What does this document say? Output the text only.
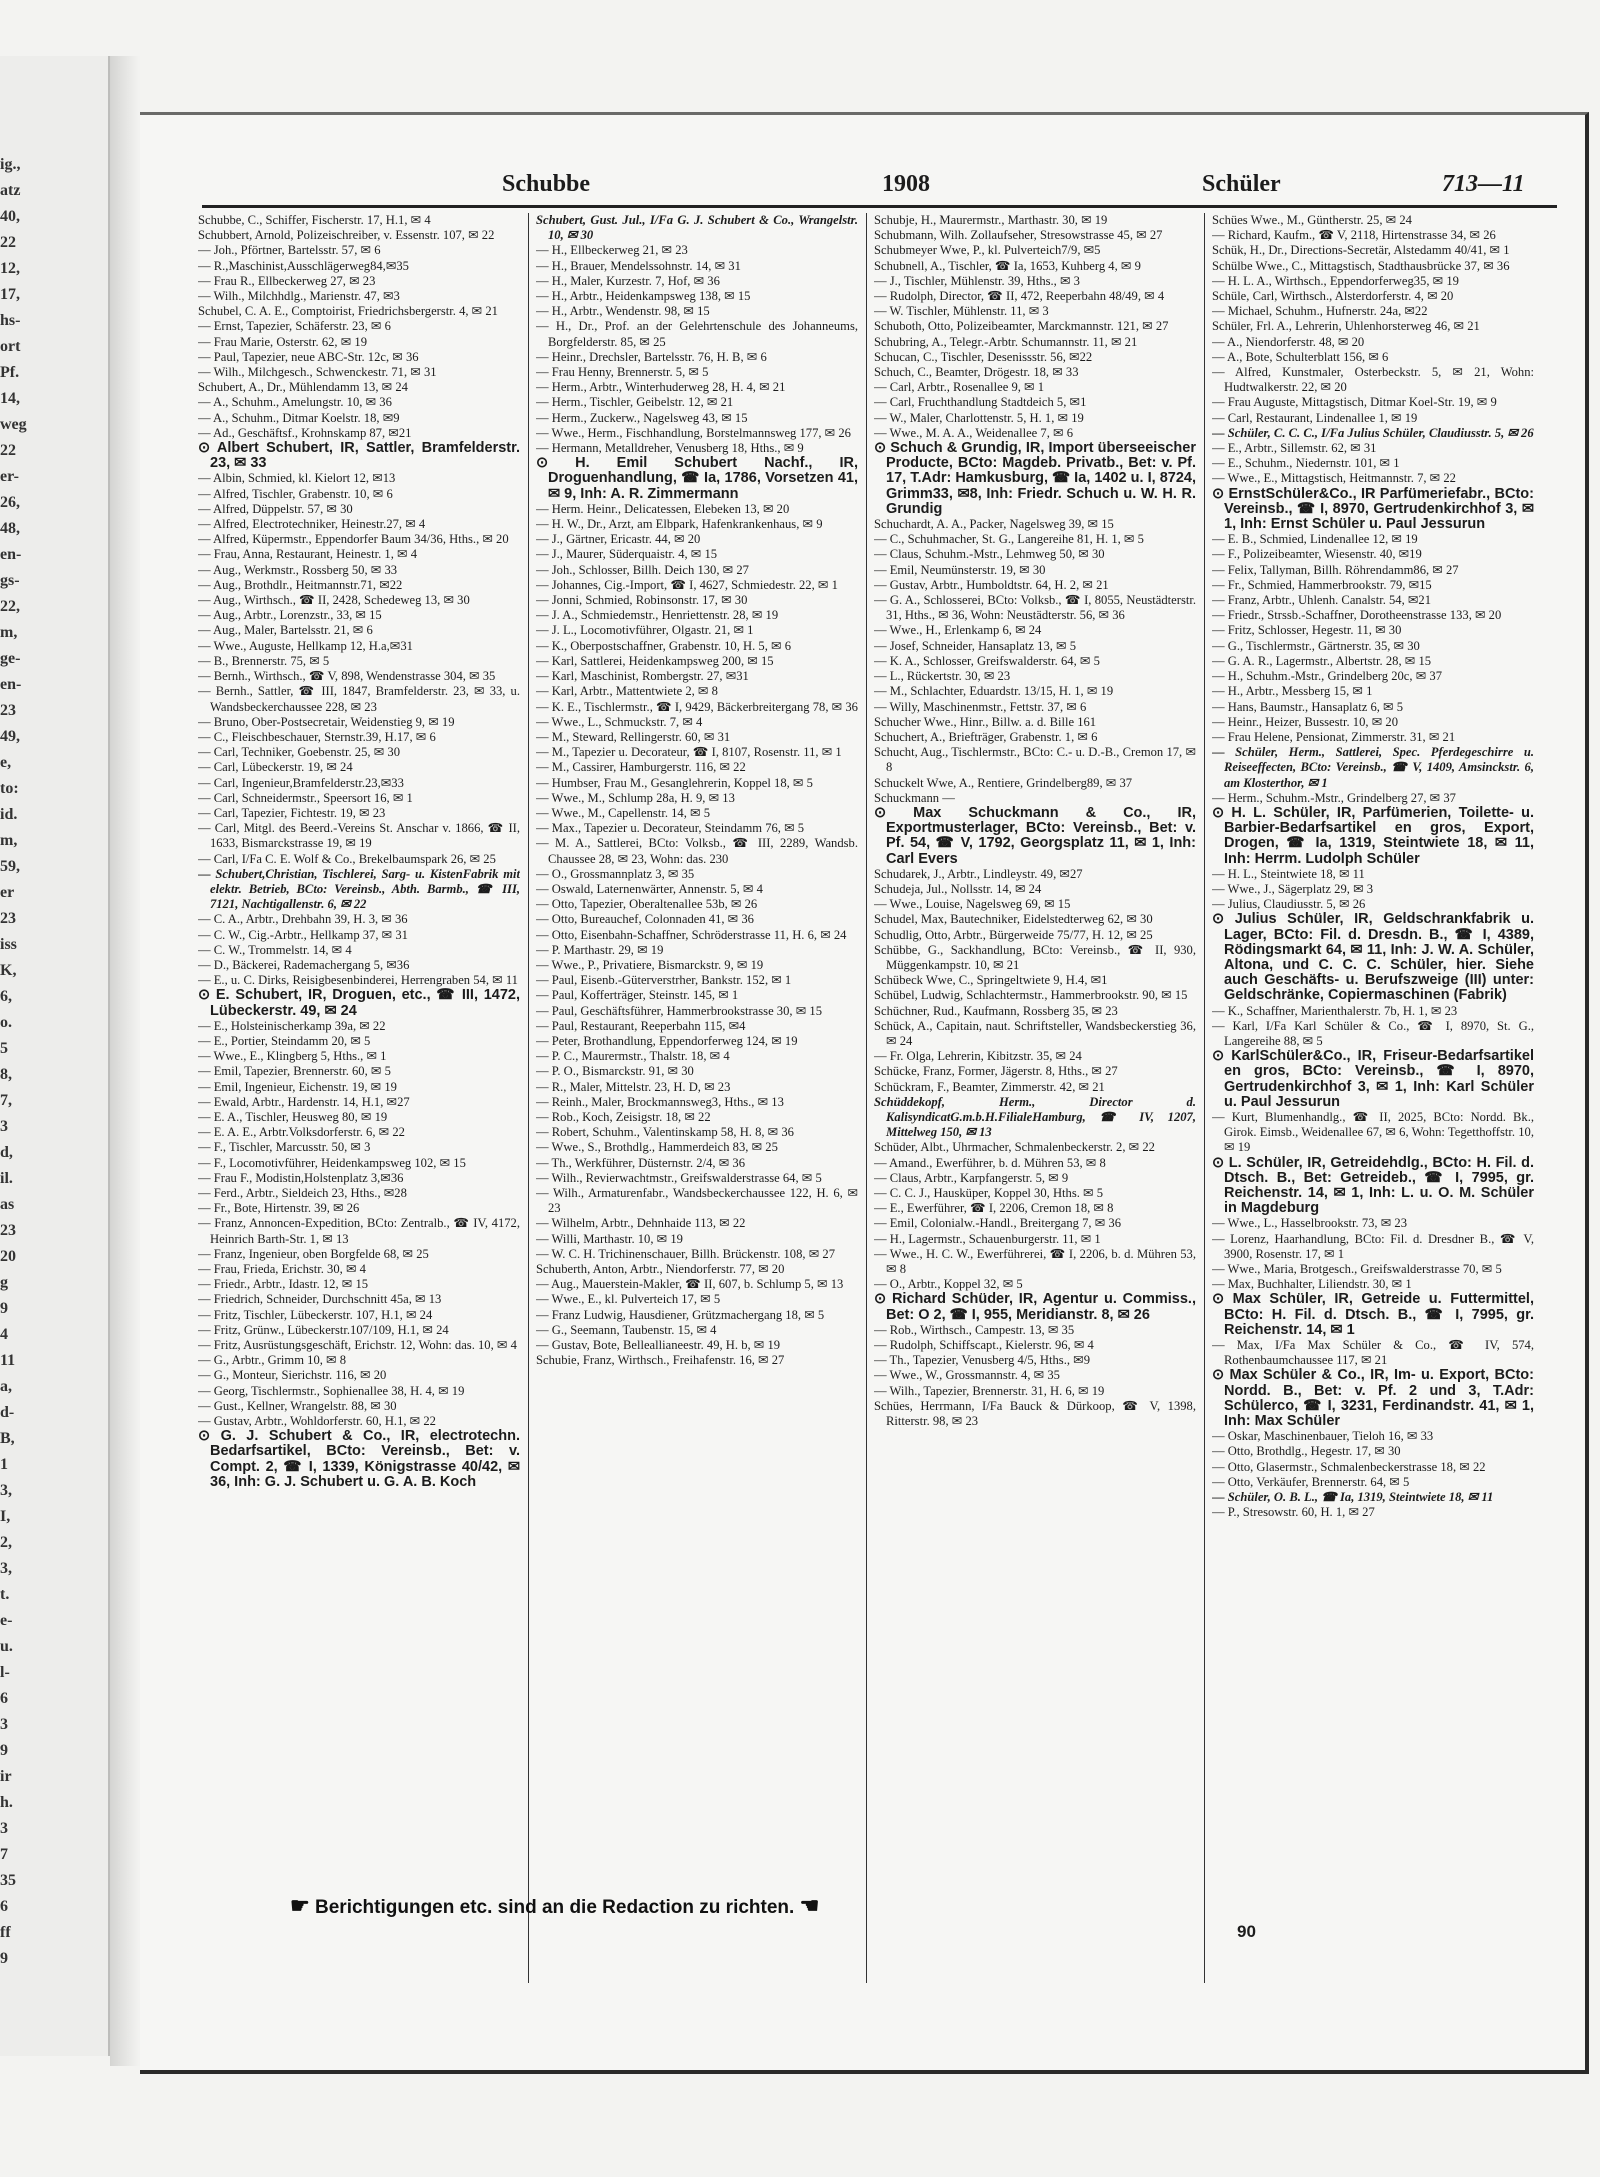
ig.,
atz
40,
22
12,
17,
hs-
ort
Pf.
14,
weg
22
er-
26,
48,
en-
gs-
22,
m,
ge-
en-
23
49,
e,
to:
id.
m,
59,
er
23
iss
K,
6,
o.
5
8,
7,
3
d,
il.
as
23
20
g
9
4
11
a,
d-
B,
1
3,
I,
2,
3,
t.
e-
u.
l-
6
3
9
ir
h.
3
7
35
6
ff
9
Schubbe	1908	Schüler	713—11

Schubbe, C., Schiffer, Fischerstr. 17, H.1, ✉ 4

Schubbert, Arnold, Polizeischreiber, v. Essenstr. 107, ✉ 22

— Joh., Pförtner, Bartelsstr. 57, ✉ 6

— R.,Maschinist,Ausschlägerweg84,✉35

— Frau R., Ellbeckerweg 27, ✉ 23

— Wilh., Milchhdlg., Marienstr. 47, ✉3

Schubel, C. A. E., Comptoirist, Friedrichsbergerstr. 4, ✉ 21

— Ernst, Tapezier, Schäferstr. 23, ✉ 6

— Frau Marie, Osterstr. 62, ✉ 19

— Paul, Tapezier, neue ABC-Str. 12c, ✉ 36

— Wilh., Milchgesch., Schwenckestr. 71, ✉ 31

Schubert, A., Dr., Mühlendamm 13, ✉ 24

— A., Schuhm., Amelungstr. 10, ✉ 36

— A., Schuhm., Ditmar Koelstr. 18, ✉9

— Ad., Geschäftsf., Krohnskamp 87, ✉21

⊙ Albert Schubert, IR, Sattler, Bramfelderstr. 23, ✉ 33

— Albin, Schmied, kl. Kielort 12, ✉13

— Alfred, Tischler, Grabenstr. 10, ✉ 6

— Alfred, Düppelstr. 57, ✉ 30

— Alfred, Electrotechniker, Heinestr.27, ✉ 4

— Alfred, Küpermstr., Eppendorfer Baum 34/36, Hths., ✉ 20

— Frau, Anna, Restaurant, Heinestr. 1, ✉ 4

— Aug., Werkmstr., Rossberg 50, ✉ 33

— Aug., Brothdlr., Heitmannstr.71, ✉22

— Aug., Wirthsch., ☎ II, 2428, Schedeweg 13, ✉ 30

— Aug., Arbtr., Lorenzstr., 33, ✉ 15

— Aug., Maler, Bartelsstr. 21, ✉ 6

— Wwe., Auguste, Hellkamp 12, H.a,✉31

— B., Brennerstr. 75, ✉ 5

— Bernh., Wirthsch., ☎ V, 898, Wendenstrasse 304, ✉ 35

— Bernh., Sattler, ☎ III, 1847, Bramfelderstr. 23, ✉ 33, u. Wandsbeckerchaussee 228, ✉ 23

— Bruno, Ober-Postsecretair, Weidenstieg 9, ✉ 19

— C., Fleischbeschauer, Sternstr.39, H.17, ✉ 6

— Carl, Techniker, Goebenstr. 25, ✉ 30

— Carl, Lübeckerstr. 19, ✉ 24

— Carl, Ingenieur,Bramfelderstr.23,✉33

— Carl, Schneidermstr., Speersort 16, ✉ 1

— Carl, Tapezier, Fichtestr. 19, ✉ 23

— Carl, Mitgl. des Beerd.-Vereins St. Anschar v. 1866, ☎ II, 1633, Bismarckstrasse 19, ✉ 19

— Carl, I/Fa C. E. Wolf & Co., Brekelbaumspark 26, ✉ 25

— Schubert,Christian, Tischlerei, Sarg- u. KistenFabrik mit elektr. Betrieb, BCto: Vereinsb., Abth. Barmb., ☎ III, 7121, Nachtigallenstr. 6, ✉ 22

— C. A., Arbtr., Drehbahn 39, H. 3, ✉ 36

— C. W., Cig.-Arbtr., Hellkamp 37, ✉ 31

— C. W., Trommelstr. 14, ✉ 4

— D., Bäckerei, Rademachergang 5, ✉36

— E., u. C. Dirks, Reisigbesenbinderei, Herrengraben 54, ✉ 11

⊙ E. Schubert, IR, Droguen, etc., ☎ III, 1472, Lübeckerstr. 49, ✉ 24

— E., Holsteinischerkamp 39a, ✉ 22

— E., Portier, Steindamm 20, ✉ 5

— Wwe., E., Klingberg 5, Hths., ✉ 1

— Emil, Tapezier, Brennerstr. 60, ✉ 5

— Emil, Ingenieur, Eichenstr. 19, ✉ 19

— Ewald, Arbtr., Hardenstr. 14, H.1, ✉27

— E. A., Tischler, Heusweg 80, ✉ 19

— E. A. E., Arbtr.Volksdorferstr. 6, ✉ 22

— F., Tischler, Marcusstr. 50, ✉ 3

— F., Locomotivführer, Heidenkampsweg 102, ✉ 15

— Frau F., Modistin,Holstenplatz 3,✉36

— Ferd., Arbtr., Sieldeich 23, Hths., ✉28

— Fr., Bote, Hirtenstr. 39, ✉ 26

— Franz, Annoncen-Expedition, BCto: Zentralb., ☎ IV, 4172, Heinrich Barth-Str. 1, ✉ 13

— Franz, Ingenieur, oben Borgfelde 68, ✉ 25

— Frau, Frieda, Erichstr. 30, ✉ 4

— Friedr., Arbtr., Idastr. 12, ✉ 15

— Friedrich, Schneider, Durchschnitt 45a, ✉ 13

— Fritz, Tischler, Lübeckerstr. 107, H.1, ✉ 24

— Fritz, Grünw., Lübeckerstr.107/109, H.1, ✉ 24

— Fritz, Ausrüstungsgeschäft, Erichstr. 12, Wohn: das. 10, ✉ 4

— G., Arbtr., Grimm 10, ✉ 8

— G., Monteur, Sierichstr. 116, ✉ 20

— Georg, Tischlermstr., Sophienallee 38, H. 4, ✉ 19

— Gust., Kellner, Wrangelstr. 88, ✉ 30

— Gustav, Arbtr., Wohldorferstr. 60, H.1, ✉ 22

⊙ G. J. Schubert & Co., IR, electrotechn. Bedarfsartikel, BCto: Vereinsb., Bet: v. Compt. 2, ☎ I, 1339, Königstrasse 40/42, ✉ 36, Inh: G. J. Schubert u. G. A. B. Koch

Schubert, Gust. Jul., I/Fa G. J. Schubert & Co., Wrangelstr. 10, ✉ 30

— H., Ellbeckerweg 21, ✉ 23

— H., Brauer, Mendelssohnstr. 14, ✉ 31

— H., Maler, Kurzestr. 7, Hof, ✉ 36

— H., Arbtr., Heidenkampsweg 138, ✉ 15

— H., Arbtr., Wendenstr. 98, ✉ 15

— H., Dr., Prof. an der Gelehrtenschule des Johanneums, Borgfelderstr. 85, ✉ 25

— Heinr., Drechsler, Bartelsstr. 76, H. B, ✉ 6

— Frau Henny, Brennerstr. 5, ✉ 5

— Herm., Arbtr., Winterhuderweg 28, H. 4, ✉ 21

— Herm., Tischler, Geibelstr. 12, ✉ 21

— Herm., Zuckerw., Nagelsweg 43, ✉ 15

— Wwe., Herm., Fischhandlung, Borstelmannsweg 177, ✉ 26

— Hermann, Metalldreher, Venusberg 18, Hths., ✉ 9

⊙ H. Emil Schubert Nachf., IR, Droguenhandlung, ☎ Ia, 1786, Vorsetzen 41, ✉ 9, Inh: A. R. Zimmermann

— Herm. Heinr., Delicatessen, Elebeken 13, ✉ 20

— H. W., Dr., Arzt, am Elbpark, Hafenkrankenhaus, ✉ 9

— J., Gärtner, Ericastr. 44, ✉ 20

— J., Maurer, Süderquaistr. 4, ✉ 15

— Joh., Schlosser, Billh. Deich 130, ✉ 27

— Johannes, Cig.-Import, ☎ I, 4627, Schmiedestr. 22, ✉ 1

— Jonni, Schmied, Robinsonstr. 17, ✉ 30

— J. A., Schmiedemstr., Henriettenstr. 28, ✉ 19

— J. L., Locomotivführer, Olgastr. 21, ✉ 1

— K., Oberpostschaffner, Grabenstr. 10, H. 5, ✉ 6

— Karl, Sattlerei, Heidenkampsweg 200, ✉ 15

— Karl, Maschinist, Rombergstr. 27, ✉31

— Karl, Arbtr., Mattentwiete 2, ✉ 8

— K. E., Tischlermstr., ☎ I, 9429, Bäckerbreitergang 78, ✉ 36

— Wwe., L., Schmuckstr. 7, ✉ 4

— M., Steward, Rellingerstr. 60, ✉ 31

— M., Tapezier u. Decorateur, ☎ I, 8107, Rosenstr. 11, ✉ 1

— M., Cassirer, Hamburgerstr. 116, ✉ 22

— Humbser, Frau M., Gesanglehrerin, Koppel 18, ✉ 5

— Wwe., M., Schlump 28a, H. 9, ✉ 13

— Wwe., M., Capellenstr. 14, ✉ 5

— Max., Tapezier u. Decorateur, Steindamm 76, ✉ 5

— M. A., Sattlerei, BCto: Volksb., ☎ III, 2289, Wandsb. Chaussee 28, ✉ 23, Wohn: das. 230

— O., Grossmannplatz 3, ✉ 35

— Oswald, Laternenwärter, Annenstr. 5, ✉ 4

— Otto, Tapezier, Oberaltenallee 53b, ✉ 26

— Otto, Bureauchef, Colonnaden 41, ✉ 36

— Otto, Eisenbahn-Schaffner, Schröderstrasse 11, H. 6, ✉ 24

— P. Marthastr. 29, ✉ 19

— Wwe., P., Privatiere, Bismarckstr. 9, ✉ 19

— Paul, Eisenb.-Güterverstrher, Bankstr. 152, ✉ 1

— Paul, Kofferträger, Steinstr. 145, ✉ 1

— Paul, Geschäftsführer, Hammerbrookstrasse 30, ✉ 15

— Paul, Restaurant, Reeperbahn 115, ✉4

— Peter, Brothandlung, Eppendorferweg 124, ✉ 19

— P. C., Maurermstr., Thalstr. 18, ✉ 4

— P. O., Bismarckstr. 91, ✉ 30

— R., Maler, Mittelstr. 23, H. D, ✉ 23

— Reinh., Maler, Brockmannsweg3, Hths., ✉ 13

— Rob., Koch, Zeisigstr. 18, ✉ 22

— Robert, Schuhm., Valentinskamp 58, H. 8, ✉ 36

— Wwe., S., Brothdlg., Hammerdeich 83, ✉ 25

— Th., Werkführer, Düsternstr. 2/4, ✉ 36

— Wilh., Revierwachtmstr., Greifswalderstrasse 64, ✉ 5

— Wilh., Armaturenfabr., Wandsbeckerchaussee 122, H. 6, ✉ 23

— Wilhelm, Arbtr., Dehnhaide 113, ✉ 22

— Willi, Marthastr. 10, ✉ 19

— W. C. H. Trichinenschauer, Billh. Brückenstr. 108, ✉ 27

Schuberth, Anton, Arbtr., Niendorferstr. 77, ✉ 20

— Aug., Mauerstein-Makler, ☎ II, 607, b. Schlump 5, ✉ 13

— Wwe., E., kl. Pulverteich 17, ✉ 5

— Franz Ludwig, Hausdiener, Grützmachergang 18, ✉ 5

— G., Seemann, Taubenstr. 15, ✉ 4

— Gustav, Bote, Belleallianeestr. 49, H. b, ✉ 19

Schubie, Franz, Wirthsch., Freihafenstr. 16, ✉ 27

Schubje, H., Maurermstr., Marthastr. 30, ✉ 19

Schubmann, Wilh. Zollaufseher, Stresowstrasse 45, ✉ 27

Schubmeyer Wwe, P., kl. Pulverteich7/9, ✉5

Schubnell, A., Tischler, ☎ Ia, 1653, Kuhberg 4, ✉ 9

— J., Tischler, Mühlenstr. 39, Hths., ✉ 3

— Rudolph, Director, ☎ II, 472, Reeperbahn 48/49, ✉ 4

— W. Tischler, Mühlenstr. 11, ✉ 3

Schuboth, Otto, Polizeibeamter, Marckmannstr. 121, ✉ 27

Schubring, A., Telegr.-Arbtr. Schumannstr. 11, ✉ 21

Schucan, C., Tischler, Desenissstr. 56, ✉22

Schuch, C., Beamter, Drögestr. 18, ✉ 33

— Carl, Arbtr., Rosenallee 9, ✉ 1

— Carl, Fruchthandlung Stadtdeich 5, ✉1

— W., Maler, Charlottenstr. 5, H. 1, ✉ 19

— Wwe., M. A. A., Weidenallee 7, ✉ 6

⊙ Schuch & Grundig, IR, Import überseeischer Producte, BCto: Magdeb. Privatb., Bet: v. Pf. 17, T.Adr: Hamkusburg, ☎ Ia, 1402 u. I, 8724, Grimm33, ✉8, Inh: Friedr. Schuch u. W. H. R. Grundig

Schuchardt, A. A., Packer, Nagelsweg 39, ✉ 15

— C., Schuhmacher, St. G., Langereihe 81, H. 1, ✉ 5

— Claus, Schuhm.-Mstr., Lehmweg 50, ✉ 30

— Emil, Neumünsterstr. 19, ✉ 30

— Gustav, Arbtr., Humboldtstr. 64, H. 2, ✉ 21

— G. A., Schlosserei, BCto: Volksb., ☎ I, 8055, Neustädterstr. 31, Hths., ✉ 36, Wohn: Neustädterstr. 56, ✉ 36

— Wwe., H., Erlenkamp 6, ✉ 24

— Josef, Schneider, Hansaplatz 13, ✉ 5

— K. A., Schlosser, Greifswalderstr. 64, ✉ 5

— L., Rückertstr. 30, ✉ 23

— M., Schlachter, Eduardstr. 13/15, H. 1, ✉ 19

— Willy, Maschinenmstr., Fettstr. 37, ✉ 6

Schucher Wwe., Hinr., Billw. a. d. Bille 161

Schuchert, A., Briefträger, Grabenstr. 1, ✉ 6

Schucht, Aug., Tischlermstr., BCto: C.- u. D.-B., Cremon 17, ✉ 8

Schuckelt Wwe, A., Rentiere, Grindelberg89, ✉ 37

Schuckmann —

⊙ Max Schuckmann & Co., IR, Exportmusterlager, BCto: Vereinsb., Bet: v. Pf. 54, ☎ V, 1792, Georgsplatz 11, ✉ 1, Inh: Carl Evers

Schudarek, J., Arbtr., Lindleystr. 49, ✉27

Schudeja, Jul., Nollsstr. 14, ✉ 24

— Wwe., Louise, Nagelsweg 69, ✉ 15

Schudel, Max, Bautechniker, Eidelstedterweg 62, ✉ 30

Schudlig, Otto, Arbtr., Bürgerweide 75/77, H. 12, ✉ 25

Schübbe, G., Sackhandlung, BCto: Vereinsb., ☎ II, 930, Müggenkampstr. 10, ✉ 21

Schübeck Wwe, C., Springeltwiete 9, H.4, ✉1

Schübel, Ludwig, Schlachtermstr., Hammerbrookstr. 90, ✉ 15

Schüchner, Rud., Kaufmann, Rossberg 35, ✉ 23

Schück, A., Capitain, naut. Schriftsteller, Wandsbeckerstieg 36, ✉ 24

— Fr. Olga, Lehrerin, Kibitzstr. 35, ✉ 24

Schücke, Franz, Former, Jägerstr. 8, Hths., ✉ 27

Schückram, F., Beamter, Zimmerstr. 42, ✉ 21

Schüddekopf, Herm., Director d. KalisyndicatG.m.b.H.FilialeHamburg, ☎ IV, 1207, Mittelweg 150, ✉ 13

Schüder, Albt., Uhrmacher, Schmalenbeckerstr. 2, ✉ 22

— Amand., Ewerführer, b. d. Mühren 53, ✉ 8

— Claus, Arbtr., Karpfangerstr. 5, ✉ 9

— C. C. J., Hausküper, Koppel 30, Hths. ✉ 5

— E., Ewerführer, ☎ I, 2206, Cremon 18, ✉ 8

— Emil, Colonialw.-Handl., Breitergang 7, ✉ 36

— H., Lagermstr., Schauenburgerstr. 11, ✉ 1

— Wwe., H. C. W., Ewerführerei, ☎ I, 2206, b. d. Mühren 53, ✉ 8

— O., Arbtr., Koppel 32, ✉ 5

⊙ Richard Schüder, IR, Agentur u. Commiss., Bet: O 2, ☎ I, 955, Meridianstr. 8, ✉ 26

— Rob., Wirthsch., Campestr. 13, ✉ 35

— Rudolph, Schiffscapt., Kielerstr. 96, ✉ 4

— Th., Tapezier, Venusberg 4/5, Hths., ✉9

— Wwe., W., Grossmannstr. 4, ✉ 35

— Wilh., Tapezier, Brennerstr. 31, H. 6, ✉ 19

Schües, Herrmann, I/Fa Bauck & Dürkoop, ☎ V, 1398, Ritterstr. 98, ✉ 23

Schües Wwe., M., Güntherstr. 25, ✉ 24

— Richard, Kaufm., ☎ V, 2118, Hirtenstrasse 34, ✉ 26

Schük, H., Dr., Directions-Secretär, Alstedamm 40/41, ✉ 1

Schülbe Wwe., C., Mittagstisch, Stadthausbrücke 37, ✉ 36

— H. L. A., Wirthsch., Eppendorferweg35, ✉ 19

Schüle, Carl, Wirthsch., Alsterdorferstr. 4, ✉ 20

— Michael, Schuhm., Hufnerstr. 24a, ✉22

Schüler, Frl. A., Lehrerin, Uhlenhorsterweg 46, ✉ 21

— A., Niendorferstr. 48, ✉ 20

— A., Bote, Schulterblatt 156, ✉ 6

— Alfred, Kunstmaler, Osterbeckstr. 5, ✉ 21, Wohn: Hudtwalkerstr. 22, ✉ 20

— Frau Auguste, Mittagstisch, Ditmar Koel-Str. 19, ✉ 9

— Carl, Restaurant, Lindenallee 1, ✉ 19

— Schüler, C. C. C., I/Fa Julius Schüler, Claudiusstr. 5, ✉ 26

— E., Arbtr., Sillemstr. 62, ✉ 31

— E., Schuhm., Niedernstr. 101, ✉ 1

— Wwe., E., Mittagstisch, Heitmannstr. 7, ✉ 22

⊙ ErnstSchüler&Co., IR Parfümeriefabr., BCto: Vereinsb., ☎ I, 8970, Gertrudenkirchhof 3, ✉ 1, Inh: Ernst Schüler u. Paul Jessurun

— E. B., Schmied, Lindenallee 12, ✉ 19

— F., Polizeibeamter, Wiesenstr. 40, ✉19

— Felix, Tallyman, Billh. Röhrendamm86, ✉ 27

— Fr., Schmied, Hammerbrookstr. 79, ✉15

— Franz, Arbtr., Uhlenh. Canalstr. 54, ✉21

— Friedr., Strssb.-Schaffner, Dorotheenstrasse 133, ✉ 20

— Fritz, Schlosser, Hegestr. 11, ✉ 30

— G., Tischlermstr., Gärtnerstr. 35, ✉ 30

— G. A. R., Lagermstr., Albertstr. 28, ✉ 15

— H., Schuhm.-Mstr., Grindelberg 20c, ✉ 37

— H., Arbtr., Messberg 15, ✉ 1

— Hans, Baumstr., Hansaplatz 6, ✉ 5

— Heinr., Heizer, Bussestr. 10, ✉ 20

— Frau Helene, Pensionat, Zimmerstr. 31, ✉ 21

— Schüler, Herm., Sattlerei, Spec. Pferdegeschirre u. Reiseeffecten, BCto: Vereinsb., ☎ V, 1409, Amsinckstr. 6, am Klosterthor, ✉ 1

— Herm., Schuhm.-Mstr., Grindelberg 27, ✉ 37

⊙ H. L. Schüler, IR, Parfümerien, Toilette- u. Barbier-Bedarfsartikel en gros, Export, Drogen, ☎ Ia, 1319, Steintwiete 18, ✉ 11, Inh: Herrm. Ludolph Schüler

— H. L., Steintwiete 18, ✉ 11

— Wwe., J., Sägerplatz 29, ✉ 3

— Julius, Claudiusstr. 5, ✉ 26

⊙ Julius Schüler, IR, Geldschrankfabrik u. Lager, BCto: Fil. d. Dresdn. B., ☎ I, 4389, Rödingsmarkt 64, ✉ 11, Inh: J. W. A. Schüler, Altona, und C. C. C. Schüler, hier. Siehe auch Geschäfts- u. Berufszweige (III) unter: Geldschränke, Copiermaschinen (Fabrik)

— K., Schaffner, Marienthalerstr. 7b, H. 1, ✉ 23

— Karl, I/Fa Karl Schüler & Co., ☎ I, 8970, St. G., Langereihe 88, ✉ 5

⊙ KarlSchüler&Co., IR, Friseur-Bedarfsartikel en gros, BCto: Vereinsb., ☎ I, 8970, Gertrudenkirchhof 3, ✉ 1, Inh: Karl Schüler u. Paul Jessurun

— Kurt, Blumenhandlg., ☎ II, 2025, BCto: Nordd. Bk., Girok. Eimsb., Weidenallee 67, ✉ 6, Wohn: Tegetthoffstr. 10, ✉ 19

⊙ L. Schüler, IR, Getreidehdlg., BCto: H. Fil. d. Dtsch. B., Bet: Getreideb., ☎ I, 7995, gr. Reichenstr. 14, ✉ 1, Inh: L. u. O. M. Schüler in Magdeburg

— Wwe., L., Hasselbrookstr. 73, ✉ 23

— Lorenz, Haarhandlung, BCto: Fil. d. Dresdner B., ☎ V, 3900, Rosenstr. 17, ✉ 1

— Wwe., Maria, Brotgesch., Greifswalderstrasse 70, ✉ 5

— Max, Buchhalter, Liliendstr. 30, ✉ 1

⊙ Max Schüler, IR, Getreide u. Futtermittel, BCto: H. Fil. d. Dtsch. B., ☎ I, 7995, gr. Reichenstr. 14, ✉ 1

— Max, I/Fa Max Schüler & Co., ☎ IV, 574, Rothenbaumchaussee 117, ✉ 21

⊙ Max Schüler & Co., IR, Im- u. Export, BCto: Nordd. B., Bet: v. Pf. 2 und 3, T.Adr: Schülerco, ☎ I, 3231, Ferdinandstr. 41, ✉ 1, Inh: Max Schüler

— Oskar, Maschinenbauer, Tieloh 16, ✉ 33

— Otto, Brothdlg., Hegestr. 17, ✉ 30

— Otto, Glasermstr., Schmalenbeckerstrasse 18, ✉ 22

— Otto, Verkäufer, Brennerstr. 64, ✉ 5

— Schüler, O. B. L., ☎ Ia, 1319, Steintwiete 18, ✉ 11

— P., Stresowstr. 60, H. 1, ✉ 27

☛ Berichtigungen etc. sind an die Redaction zu richten. ☚
90
